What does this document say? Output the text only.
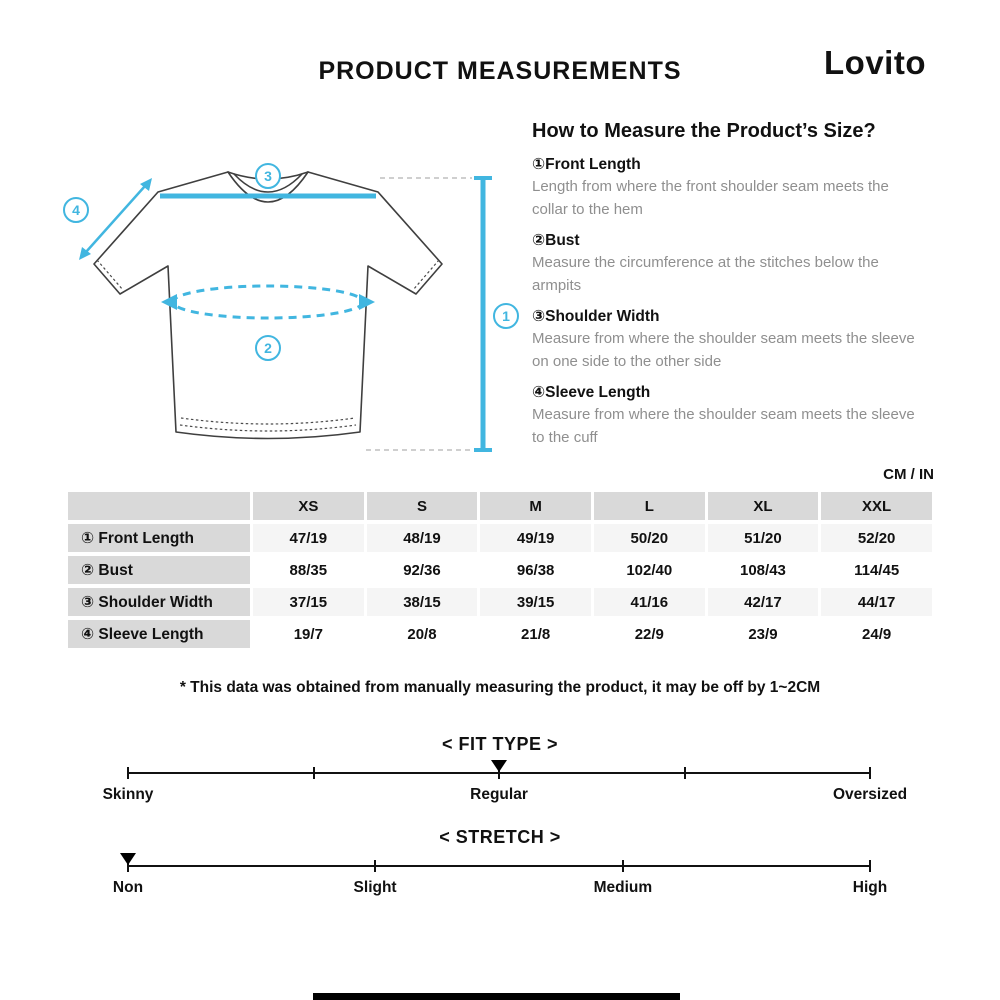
PRODUCT MEASUREMENTS	Lovito
3
2
4
1
How to Measure the Product’s Size?
①Front Length
Length from where the front shoulder seam meets the collar to the hem
②Bust
Measure the circumference at the stitches below the armpits
③Shoulder Width
Measure from where the shoulder seam meets the sleeve on one side to the other side
④Sleeve Length
Measure from where the shoulder seam meets the sleeve to the cuff
CM / IN
	XS	S	M	L	XL	XXL
① Front Length	47/19	48/19	49/19	50/20	51/20	52/20
② Bust	88/35	92/36	96/38	102/40	108/43	114/45
③ Shoulder Width	37/15	38/15	39/15	41/16	42/17	44/17
④ Sleeve Length	19/7	20/8	21/8	22/9	23/9	24/9
* This data was obtained from manually measuring the product, it may be off by 1~2CM
< FIT TYPE >
Skinny	Regular	Oversized
< STRETCH >
Non	Slight	Medium	High
